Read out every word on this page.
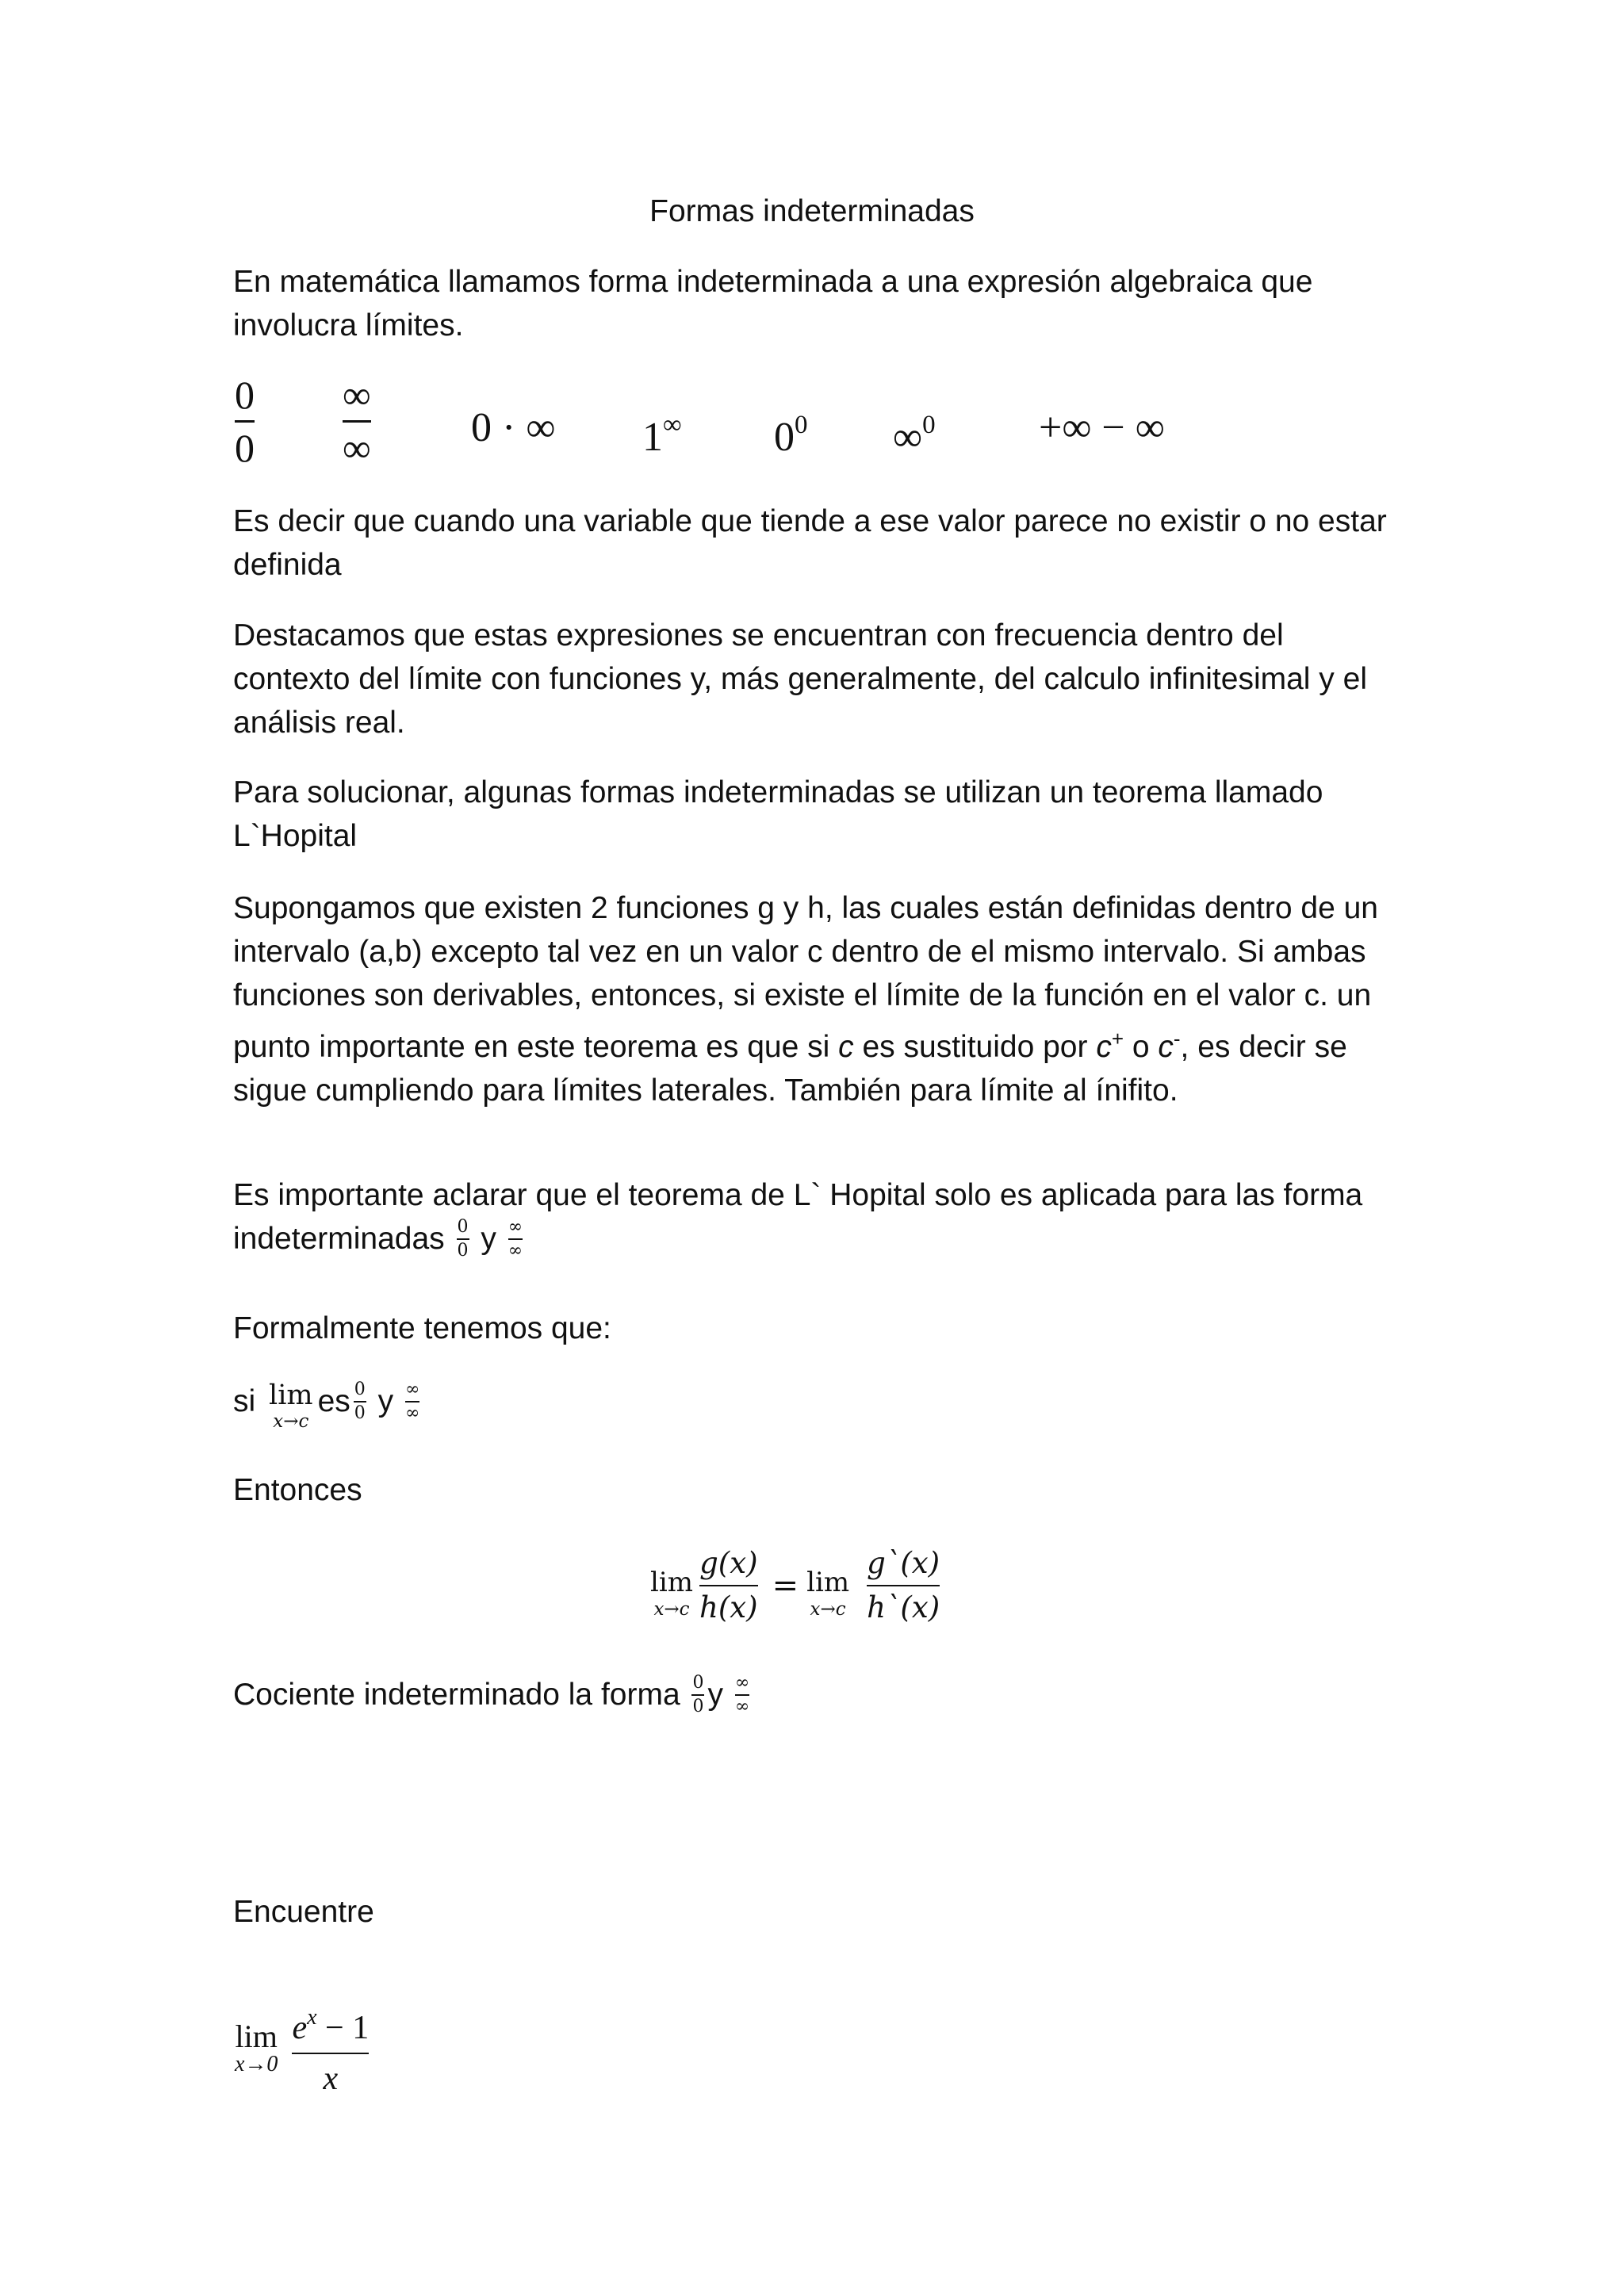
Formas indeterminadas

En matemática llamamos forma indeterminada a una expresión algebraica que involucra límites.

0
0
∞
∞ 0 · ∞ 1∞ $0^0$ ∞$^0$	+∞ − ∞

Es decir que cuando una variable que tiende a ese valor parece no existir o no estar definida

Destacamos que estas expresiones se encuentran con frecuencia dentro del contexto del límite con funciones y, más generalmente, del calculo infinitesimal y el análisis real.

Para solucionar, algunas formas indeterminadas se utilizan un teorema llamado L`Hopital

Supongamos que existen 2 funciones g y h, las cuales están definidas dentro de un intervalo (a,b) excepto tal vez en un valor c dentro de el mismo intervalo. Si ambas funciones son derivables, entonces, si existe el límite de la función en el valor c. un punto importante en este teorema es que si c es sustituido por c+ o c-, es decir se sigue cumpliendo para límites laterales. También para límite al ínifito.

Es importante aclarar que el teorema de L` Hopital solo es aplicada para las forma indeterminadas $\frac{0}{0}$ y ∞
∞

Formalmente tenemos que:

si lim
x→c
es $\frac{0}{0}$ y ∞
∞

Entonces

lim
x→c
g(x)
h(x)
= lim
x→c
g`(x)
h`(x)

Cociente indeterminado la forma $\frac{0}{0}$ y ∞
∞

Encuentre

lim
x→0
$e^x - 1$
x
